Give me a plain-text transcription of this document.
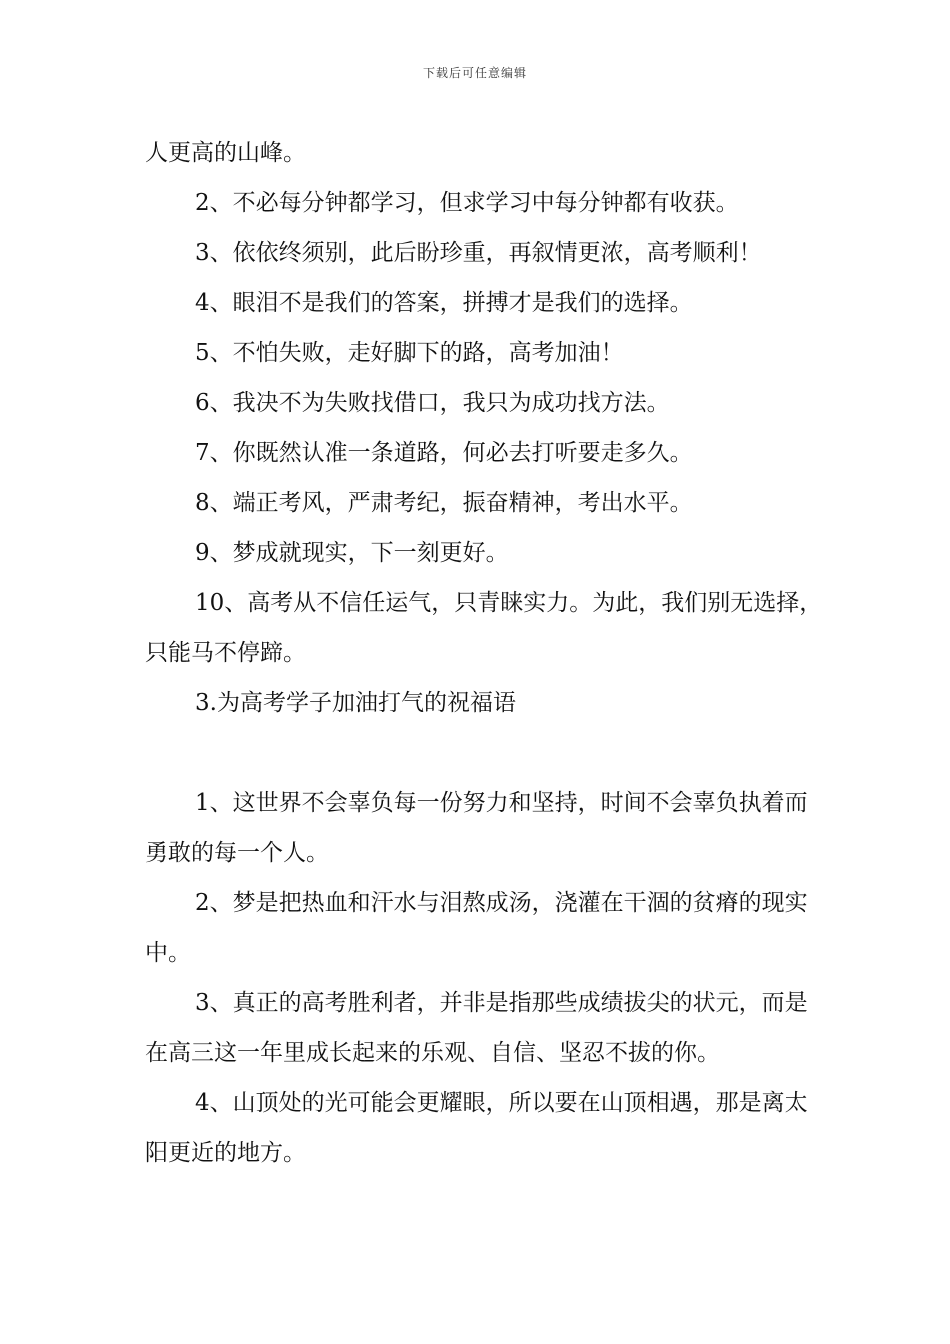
下载后可任意编辑

人更高的山峰。

2、不必每分钟都学习，但求学习中每分钟都有收获。

3、依依终须别，此后盼珍重，再叙情更浓，高考顺利！

4、眼泪不是我们的答案，拼搏才是我们的选择。

5、不怕失败，走好脚下的路，高考加油！

6、我决不为失败找借口，我只为成功找方法。

7、你既然认准一条道路，何必去打听要走多久。

8、端正考风，严肃考纪，振奋精神，考出水平。

9、梦成就现实，下一刻更好。

10、高考从不信任运气，只青睐实力。为此，我们别无选择，只能马不停蹄。

3.为高考学子加油打气的祝福语

1、这世界不会辜负每一份努力和坚持，时间不会辜负执着而勇敢的每一个人。

2、梦是把热血和汗水与泪熬成汤，浇灌在干涸的贫瘠的现实中。

3、真正的高考胜利者，并非是指那些成绩拔尖的状元，而是在高三这一年里成长起来的乐观、自信、坚忍不拔的你。

4、山顶处的光可能会更耀眼，所以要在山顶相遇，那是离太阳更近的地方。
